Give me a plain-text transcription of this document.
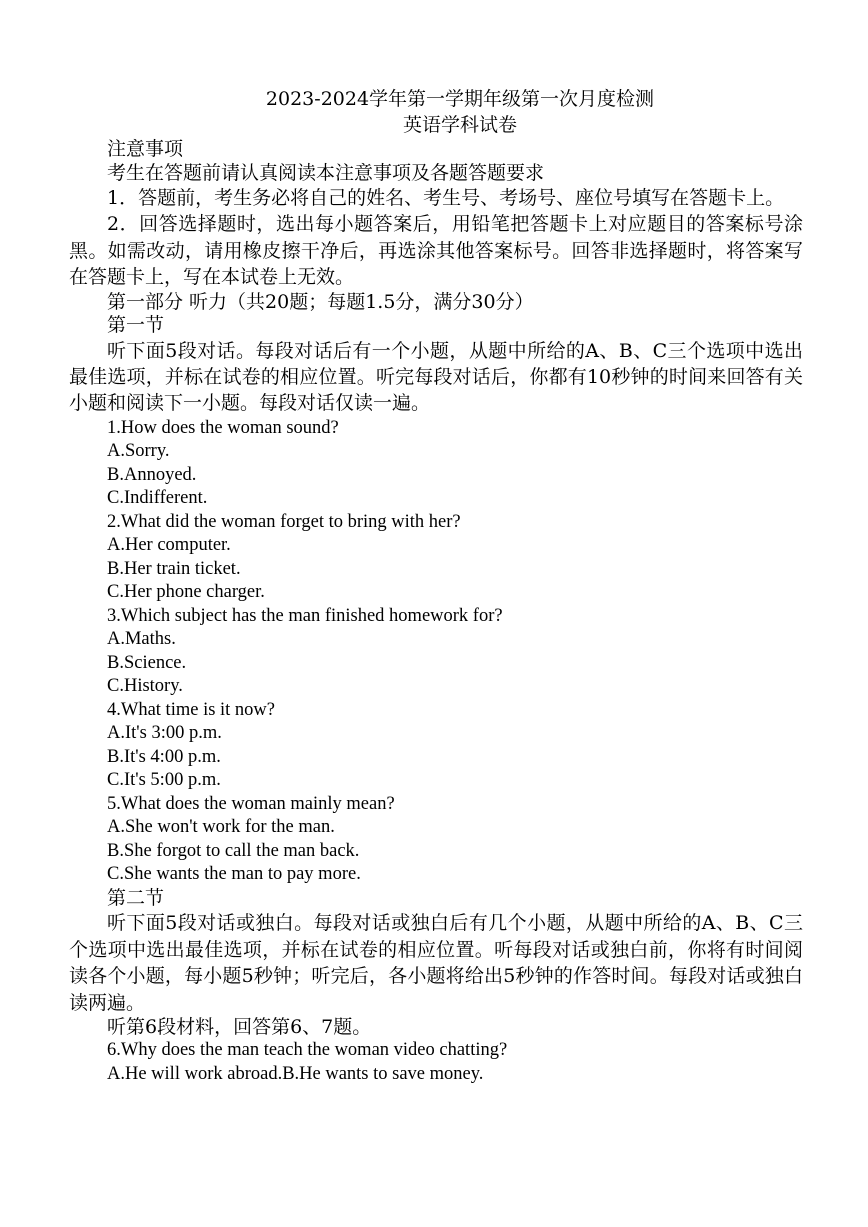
2023-2024学年第一学期年级第一次月度检测
英语学科试卷

注意事项

考生在答题前请认真阅读本注意事项及各题答题要求

1．答题前，考生务必将自己的姓名、考生号、考场号、座位号填写在答题卡上。

2．回答选择题时，选出每小题答案后，用铅笔把答题卡上对应题目的答案标号涂黑。如需改动，请用橡皮擦干净后，再选涂其他答案标号。回答非选择题时，将答案写在答题卡上，写在本试卷上无效。

第一部分 听力（共20题；每题1.5分，满分30分）

第一节

听下面5段对话。每段对话后有一个小题，从题中所给的A、B、C三个选项中选出最佳选项，并标在试卷的相应位置。听完每段对话后，你都有10秒钟的时间来回答有关小题和阅读下一小题。每段对话仅读一遍。

1.How does the woman sound?

A.Sorry.

B.Annoyed.

C.Indifferent.

2.What did the woman forget to bring with her?

A.Her computer.

B.Her train ticket.

C.Her phone charger.

3.Which subject has the man finished homework for?

A.Maths.

B.Science.

C.History.

4.What time is it now?

A.It's 3:00 p.m.

B.It's 4:00 p.m.

C.It's 5:00 p.m.

5.What does the woman mainly mean?

A.She won't work for the man.

B.She forgot to call the man back.

C.She wants the man to pay more.

第二节

听下面5段对话或独白。每段对话或独白后有几个小题，从题中所给的A、B、C三个选项中选出最佳选项，并标在试卷的相应位置。听每段对话或独白前，你将有时间阅读各个小题，每小题5秒钟；听完后，各小题将给出5秒钟的作答时间。每段对话或独白读两遍。

听第6段材料，回答第6、7题。

6.Why does the man teach the woman video chatting?

A.He will work abroad.B.He wants to save money.
